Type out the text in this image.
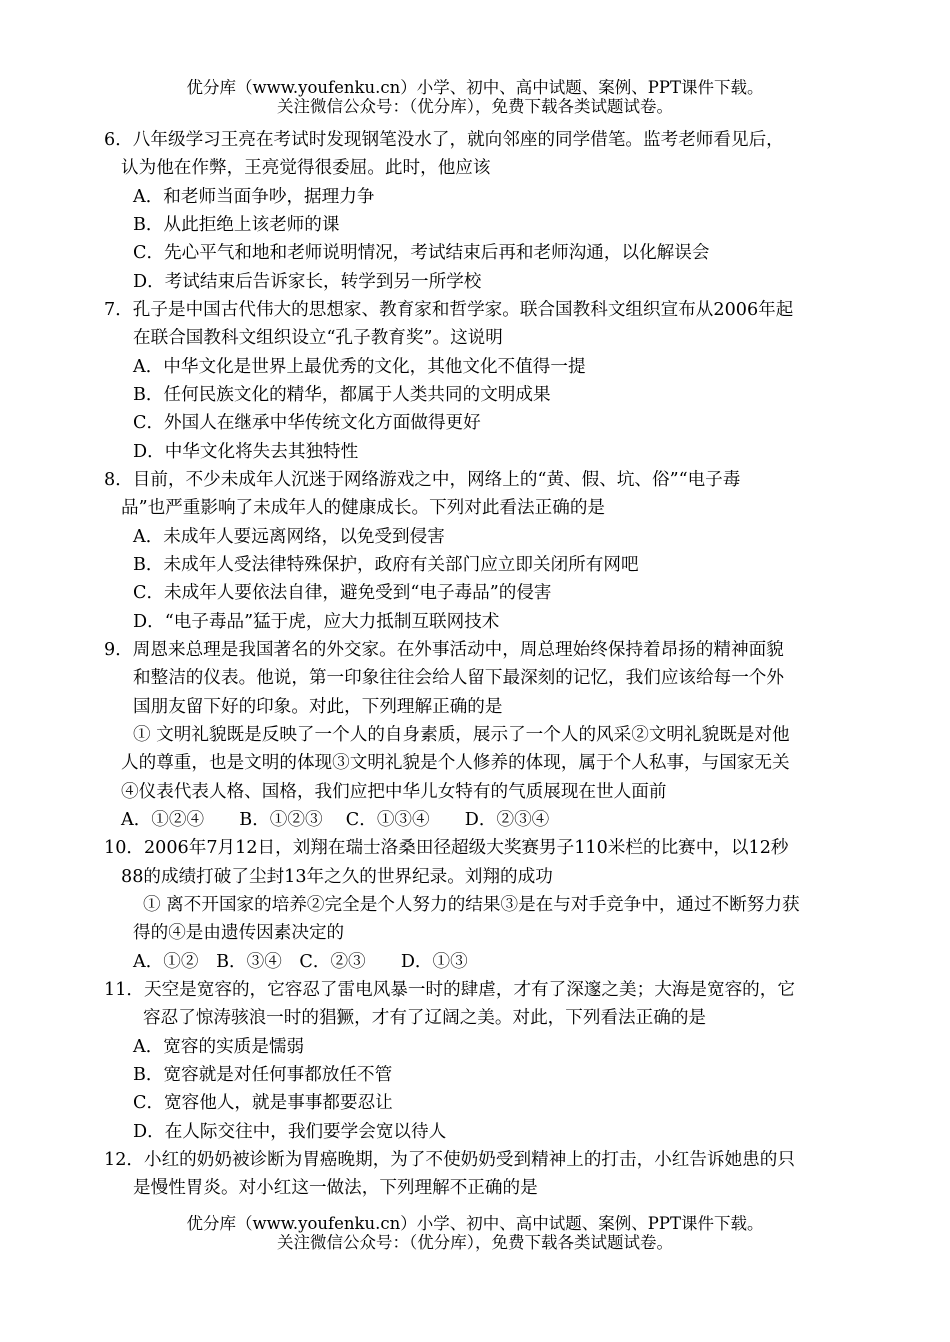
优分库（www.youfenku.cn）小学、初中、高中试题、案例、PPT课件下载。
关注微信公众号：（优分库），免费下载各类试题试卷。
6．八年级学习王亮在考试时发现钢笔没水了，就向邻座的同学借笔。监考老师看见后，
认为他在作弊，王亮觉得很委屈。此时，他应该
A．和老师当面争吵，据理力争
B．从此拒绝上该老师的课
C．先心平气和地和老师说明情况，考试结束后再和老师沟通，以化解误会
D．考试结束后告诉家长，转学到另一所学校
7．孔子是中国古代伟大的思想家、教育家和哲学家。联合国教科文组织宣布从2006年起
在联合国教科文组织设立“孔子教育奖”。这说明
A．中华文化是世界上最优秀的文化，其他文化不值得一提
B．任何民族文化的精华，都属于人类共同的文明成果
C．外国人在继承中华传统文化方面做得更好
D．中华文化将失去其独特性
8．目前，不少未成年人沉迷于网络游戏之中，网络上的“黄、假、坑、俗”“电子毒
品”也严重影响了未成年人的健康成长。下列对此看法正确的是
A．未成年人要远离网络，以免受到侵害
B．未成年人受法律特殊保护，政府有关部门应立即关闭所有网吧
C．未成年人要依法自律，避免受到“电子毒品”的侵害
D．“电子毒品”猛于虎，应大力抵制互联网技术
9．周恩来总理是我国著名的外交家。在外事活动中，周总理始终保持着昂扬的精神面貌
和整洁的仪表。他说，第一印象往往会给人留下最深刻的记忆，我们应该给每一个外
国朋友留下好的印象。对此，下列理解正确的是
① 文明礼貌既是反映了一个人的自身素质，展示了一个人的风采②文明礼貌既是对他
人的尊重，也是文明的体现③文明礼貌是个人修养的体现，属于个人私事，与国家无关
④仪表代表人格、国格，我们应把中华儿女特有的气质展现在世人面前
A．①②④　　B．①②③　 C．①③④　　D．②③④
10．2006年7月12日，刘翔在瑞士洛桑田径超级大奖赛男子110米栏的比赛中，以12秒
88的成绩打破了尘封13年之久的世界纪录。刘翔的成功
① 离不开国家的培养②完全是个人努力的结果③是在与对手竞争中，通过不断努力获
得的④是由遗传因素决定的
A．①②　B．③④　C．②③　　D．①③
11．天空是宽容的，它容忍了雷电风暴一时的肆虐，才有了深邃之美；大海是宽容的，它
容忍了惊涛骇浪一时的猖獗，才有了辽阔之美。对此，下列看法正确的是
A．宽容的实质是懦弱
B．宽容就是对任何事都放任不管
C．宽容他人，就是事事都要忍让
D．在人际交往中，我们要学会宽以待人
12．小红的奶奶被诊断为胃癌晚期，为了不使奶奶受到精神上的打击，小红告诉她患的只
是慢性胃炎。对小红这一做法，下列理解不正确的是
优分库（www.youfenku.cn）小学、初中、高中试题、案例、PPT课件下载。
关注微信公众号：（优分库），免费下载各类试题试卷。
